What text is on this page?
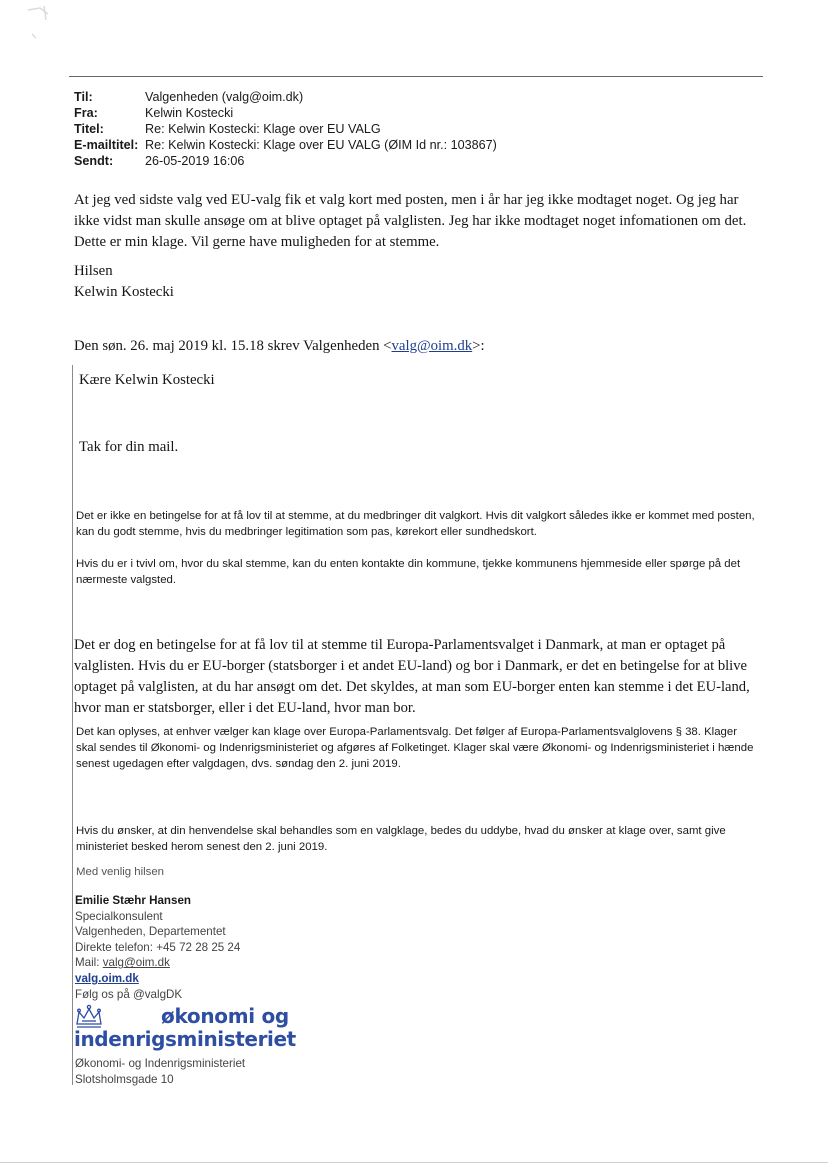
Til:	Valgenheden (valg@oim.dk)
Fra:	Kelwin Kostecki
Titel:	Re: Kelwin Kostecki: Klage over EU VALG
E-mailtitel: Re: Kelwin Kostecki: Klage over EU VALG (ØIM Id nr.: 103867)
Sendt:	26-05-2019 16:06
At jeg ved sidste valg ved EU-valg fik et valg kort med posten, men i år har jeg ikke modtaget noget. Og jeg har ikke vidst man skulle ansøge om at blive optaget på valglisten. Jeg har ikke modtaget noget infomationen om det. Dette er min klage. Vil gerne have muligheden for at stemme.
Hilsen
Kelwin Kostecki
Den søn. 26. maj 2019 kl. 15.18 skrev Valgenheden <valg@oim.dk>:
Kære Kelwin Kostecki
Tak for din mail.
Det er ikke en betingelse for at få lov til at stemme, at du medbringer dit valgkort. Hvis dit valgkort således ikke er kommet med posten, kan du godt stemme, hvis du medbringer legitimation som pas, kørekort eller sundhedskort.
Hvis du er i tvivl om, hvor du skal stemme, kan du enten kontakte din kommune, tjekke kommunens hjemmeside eller spørge på det nærmeste valgsted.
Det er dog en betingelse for at få lov til at stemme til Europa-Parlamentsvalget i Danmark, at man er optaget på valglisten. Hvis du er EU-borger (statsborger i et andet EU-land) og bor i Danmark, er det en betingelse for at blive optaget på valglisten, at du har ansøgt om det. Det skyldes, at man som EU-borger enten kan stemme i det EU-land, hvor man er statsborger, eller i det EU-land, hvor man bor.
Det kan oplyses, at enhver vælger kan klage over Europa-Parlamentsvalg. Det følger af Europa-Parlamentsvalglovens § 38. Klager skal sendes til Økonomi- og Indenrigsministeriet og afgøres af Folketinget. Klager skal være Økonomi- og Indenrigsministeriet i hænde senest ugedagen efter valgdagen, dvs. søndag den 2. juni 2019.
Hvis du ønsker, at din henvendelse skal behandles som en valgklage, bedes du uddybe, hvad du ønsker at klage over, samt give ministeriet besked herom senest den 2. juni 2019.
Med venlig hilsen
Emilie Stæhr Hansen
Specialkonsulent
Valgenheden, Departementet
Direkte telefon: +45 72 28 25 24
Mail: valg@oim.dk
valg.oim.dk
Følg os på @valgDK
økonomi og
indenrigsministeriet
Økonomi- og Indenrigsministeriet
Slotsholmsgade 10
